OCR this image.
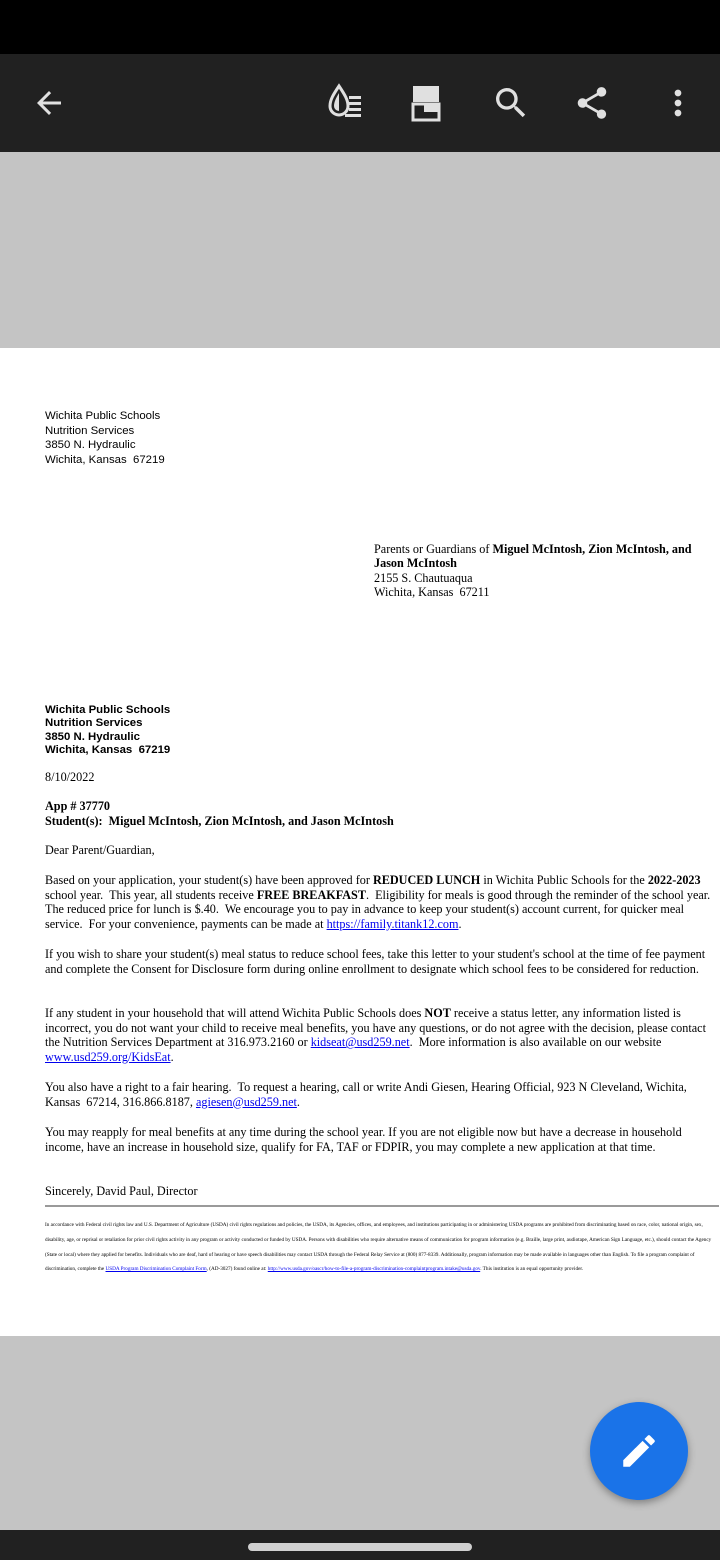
Wichita Public Schools
Nutrition Services
3850 N. Hydraulic
Wichita, Kansas  67219
Parents or Guardians of Miguel McIntosh, Zion McIntosh, and Jason McIntosh
2155 S. Chautuaqua
Wichita, Kansas  67211
Wichita Public Schools
Nutrition Services
3850 N. Hydraulic
Wichita, Kansas  67219
8/10/2022
App # 37770
Student(s): Miguel McIntosh, Zion McIntosh, and Jason McIntosh
Dear Parent/Guardian,
Based on your application, your student(s) have been approved for REDUCED LUNCH in Wichita Public Schools for the 2022-2023 school year.  This year, all students receive FREE BREAKFAST.  Eligibility for meals is good through the reminder of the school year.  The reduced price for lunch is $.40.  We encourage you to pay in advance to keep your student(s) account current, for quicker meal service.  For your convenience, payments can be made at https://family.titank12.com.
If you wish to share your student(s) meal status to reduce school fees, take this letter to your student's school at the time of fee payment and complete the Consent for Disclosure form during online enrollment to designate which school fees to be considered for reduction.
If any student in your household that will attend Wichita Public Schools does NOT receive a status letter, any information listed is incorrect, you do not want your child to receive meal benefits, you have any questions, or do not agree with the decision, please contact the Nutrition Services Department at 316.973.2160 or kidseat@usd259.net.  More information is also available on our website www.usd259.org/KidsEat.
You also have a right to a fair hearing.  To request a hearing, call or write Andi Giesen, Hearing Official, 923 N Cleveland, Wichita, Kansas  67214, 316.866.8187, agiesen@usd259.net.
You may reapply for meal benefits at any time during the school year. If you are not eligible now but have a decrease in household income, have an increase in household size, qualify for FA, TAF or FDPIR, you may complete a new application at that time.
Sincerely, David Paul, Director
In accordance with Federal civil rights law and U.S. Department of Agriculture (USDA) civil rights regulations and policies, the USDA, its Agencies, offices, and employees, and institutions participating in or administering USDA programs are prohibited from discriminating based on race, color, national origin, sex, disability, age, or reprisal or retaliation for prior civil rights activity in any program or activity conducted or funded by USDA. Persons with disabilities who require alternative means of communication for program information (e.g. Braille, large print, audiotape, American Sign Language, etc.), should contact the Agency (State or local) where they applied for benefits. Individuals who are deaf, hard of hearing or have speech disabilities may contact USDA through the Federal Relay Service at (800) 877-8339. Additionally, program information may be made available in languages other than English. To file a program complaint of discrimination, complete the USDA Program Discrimination Complaint Form, (AD-3027) found online at: http://www.usda.gov/oascr/how-to-file-a-program-discrimination-complaintprogram.intake@usda.gov. This institution is an equal opportunity provider.
